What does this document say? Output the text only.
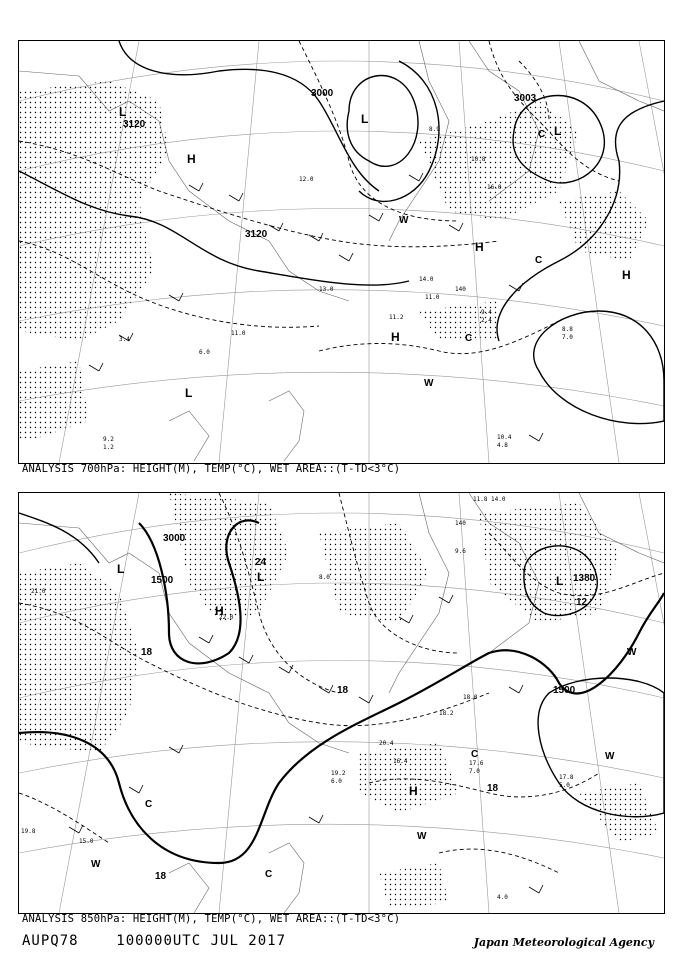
140
L
H
L
L
H
H
H
L
W
W
C
C
C
3120
3120
3000	3003
14.0
11.0
10.8
9.4
8.8
11.2
10.4
9.2
11.0
13.0
8.9
12.0
16.0
6.0
7.0
4.8
3.4
2.4
1.2
ANALYSIS 700hPa: HEIGHT(M), TEMP(°C), WET AREA::(T-TD<3°C)
140
L
L
H
H
L
W
W
W
W
C
C
C
1500
1500
1380
3000
24
18
18
18
18
12
21.0
20.4
19.2
18.2
17.6
17.8
16.4
14.0
11.8
9.6
8.0
7.0
5.0
4.0
18.0
22.0
6.0
19.8
15.0
ANALYSIS 850hPa: HEIGHT(M), TEMP(°C), WET AREA::(T-TD<3°C)
AUPQ78	100000UTC JUL 2017	Japan Meteorological Agency
